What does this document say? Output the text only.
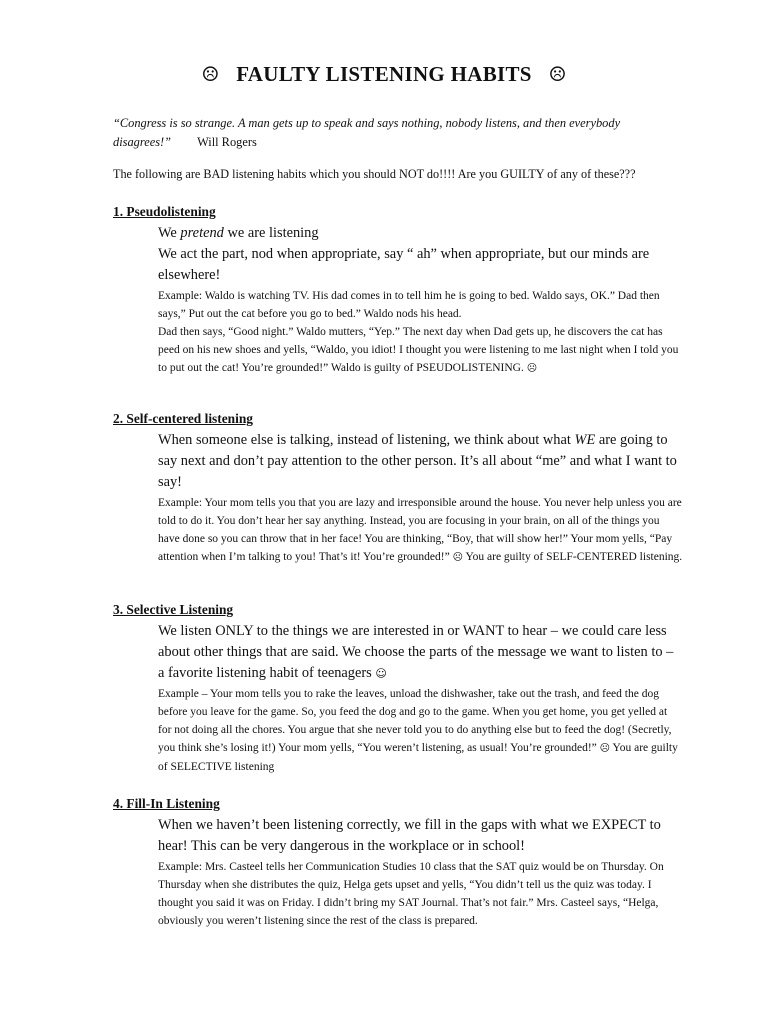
☹ FAULTY LISTENING HABITS ☹
“Congress is so strange. A man gets up to speak and says nothing, nobody listens, and then everybody disagrees!” Will Rogers
The following are BAD listening habits which you should NOT do!!!! Are you GUILTY of any of these???
1. Pseudolistening

We pretend we are listening

We act the part, nod when appropriate, say “ ah” when appropriate, but our minds are elsewhere!

Example: Waldo is watching TV. His dad comes in to tell him he is going to bed. Waldo says, OK.” Dad then says,” Put out the cat before you go to bed.” Waldo nods his head.

Dad then says, “Good night.” Waldo mutters, “Yep.” The next day when Dad gets up, he discovers the cat has peed on his new shoes and yells, “Waldo, you idiot! I thought you were listening to me last night when I told you to put out the cat! You’re grounded!” Waldo is guilty of PSEUDOLISTENING. ☹

2. Self-centered listening

When someone else is talking, instead of listening, we think about what WE are going to say next and don’t pay attention to the other person. It’s all about “me” and what I want to say!

Example: Your mom tells you that you are lazy and irresponsible around the house. You never help unless you are told to do it. You don’t hear her say anything. Instead, you are focusing in your brain, on all of the things you have done so you can throw that in her face! You are thinking, “Boy, that will show her!” Your mom yells, “Pay attention when I’m talking to you! That’s it! You’re grounded!” ☹ You are guilty of SELF-CENTERED listening.

3. Selective Listening

We listen ONLY to the things we are interested in or WANT to hear – we could care less about other things that are said. We choose the parts of the message we want to listen to – a favorite listening habit of teenagers ☺

Example – Your mom tells you to rake the leaves, unload the dishwasher, take out the trash, and feed the dog before you leave for the game. So, you feed the dog and go to the game. When you get home, you get yelled at for not doing all the chores. You argue that she never told you to do anything else but to feed the dog! (Secretly, you think she’s losing it!) Your mom yells, “You weren’t listening, as usual! You’re grounded!” ☹ You are guilty of SELECTIVE listening

4. Fill-In Listening

When we haven’t been listening correctly, we fill in the gaps with what we EXPECT to hear! This can be very dangerous in the workplace or in school!

Example: Mrs. Casteel tells her Communication Studies 10 class that the SAT quiz would be on Thursday. On Thursday when she distributes the quiz, Helga gets upset and yells, “You didn’t tell us the quiz was today. I thought you said it was on Friday. I didn’t bring my SAT Journal. That’s not fair.” Mrs. Casteel says, “Helga, obviously you weren’t listening since the rest of the class is prepared.
